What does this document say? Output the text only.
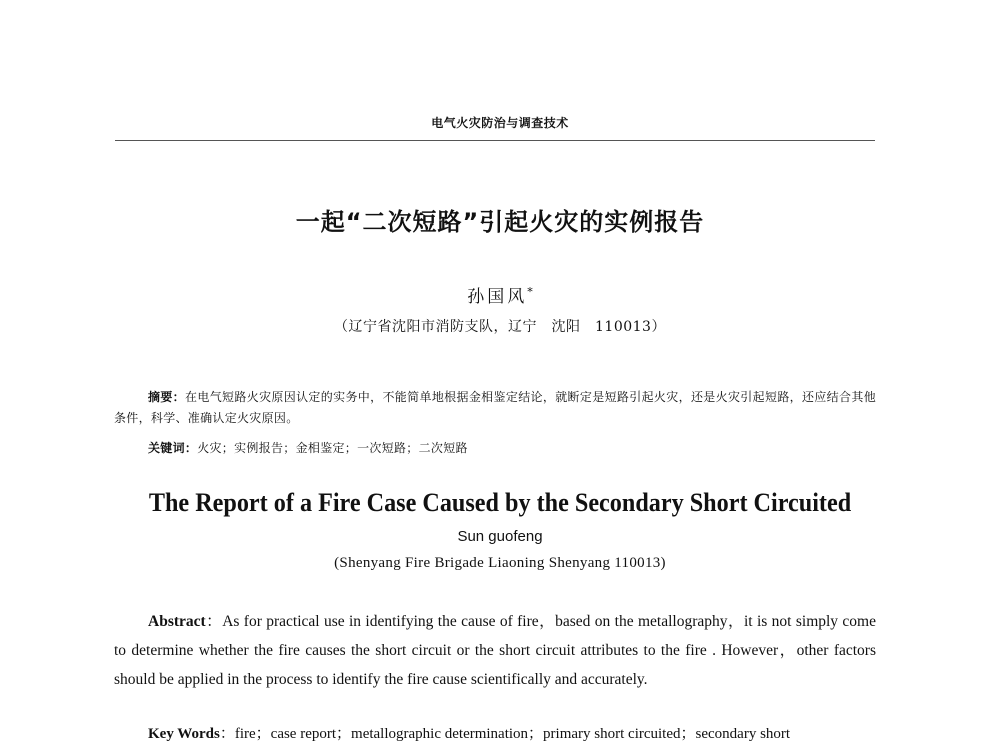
电气火灾防治与调查技术
一起“二次短路”引起火灾的实例报告
孙国风*
（辽宁省沈阳市消防支队，辽宁　沈阳　110013）
摘要：在电气短路火灾原因认定的实务中，不能简单地根据金相鉴定结论，就断定是短路引起火灾，还是火灾引起短路，还应结合其他条件，科学、准确认定火灾原因。
关键词：火灾；实例报告；金相鉴定；一次短路；二次短路
The Report of a Fire Case Caused by the Secondary Short Circuited
Sun guofeng
(Shenyang Fire Brigade Liaoning Shenyang 110013)
Abstract：As for practical use in identifying the cause of fire，based on the metallography，it is not simply come to determine whether the fire causes the short circuit or the short circuit attributes to the fire . However，other factors should be applied in the process to identify the fire cause scientifically and accurately.
Key Words：fire；case report；metallographic determination；primary short circuited；secondary short
